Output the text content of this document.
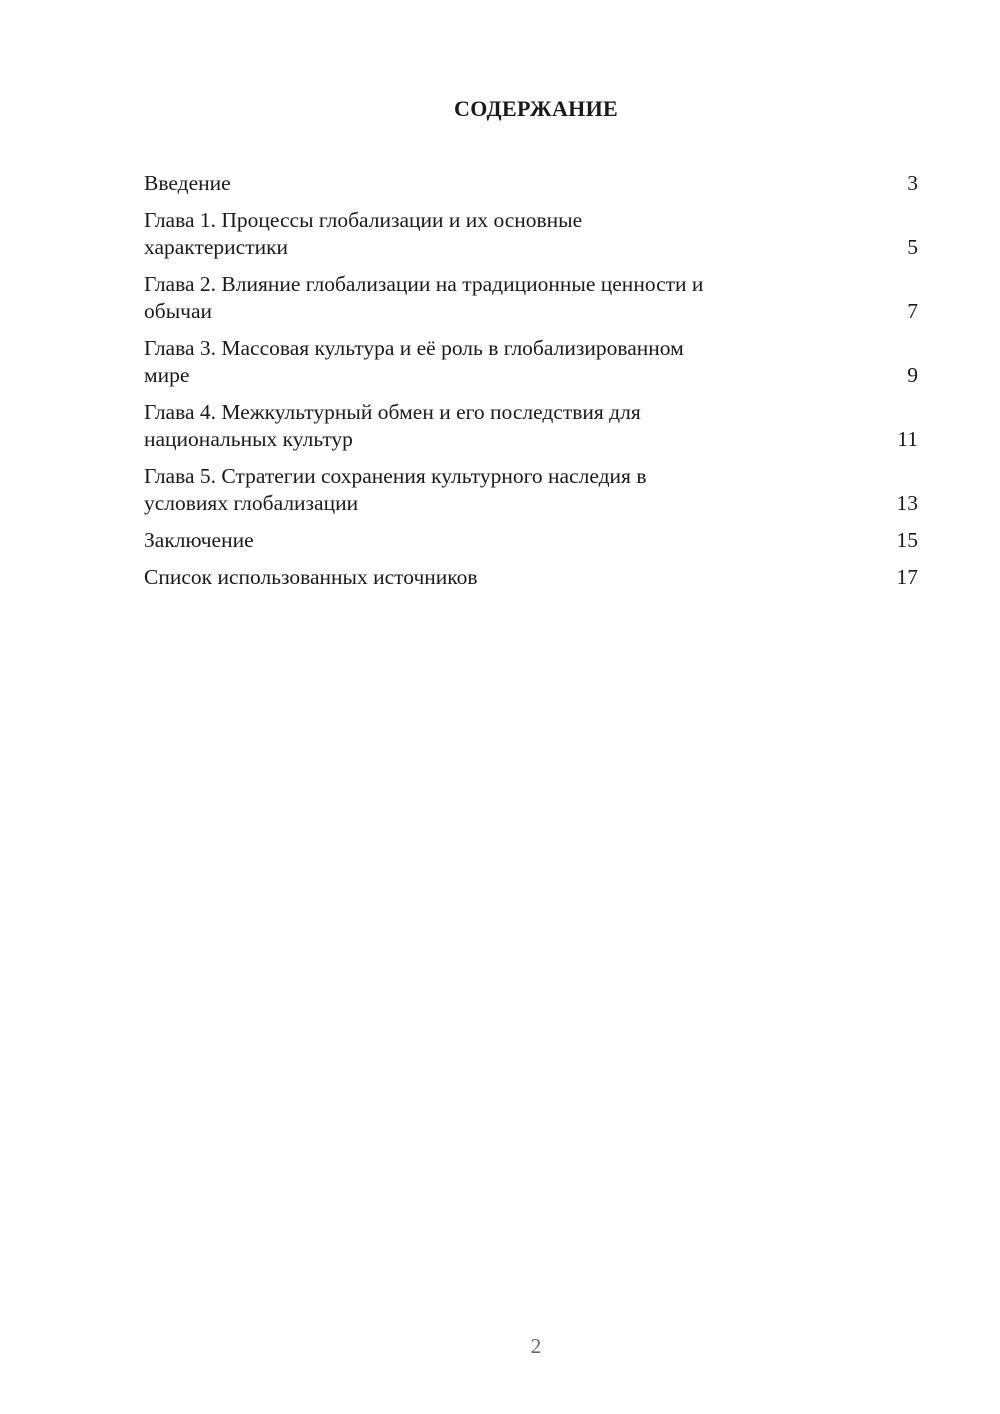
СОДЕРЖАНИЕ
Введение	3
Глава 1. Процессы глобализации и их основные
характеристики	5
Глава 2. Влияние глобализации на традиционные ценности и
обычаи	7
Глава 3. Массовая культура и её роль в глобализированном
мире	9
Глава 4. Межкультурный обмен и его последствия для
национальных культур	11
Глава 5. Стратегии сохранения культурного наследия в
условиях глобализации	13
Заключение	15
Список использованных источников	17
2
